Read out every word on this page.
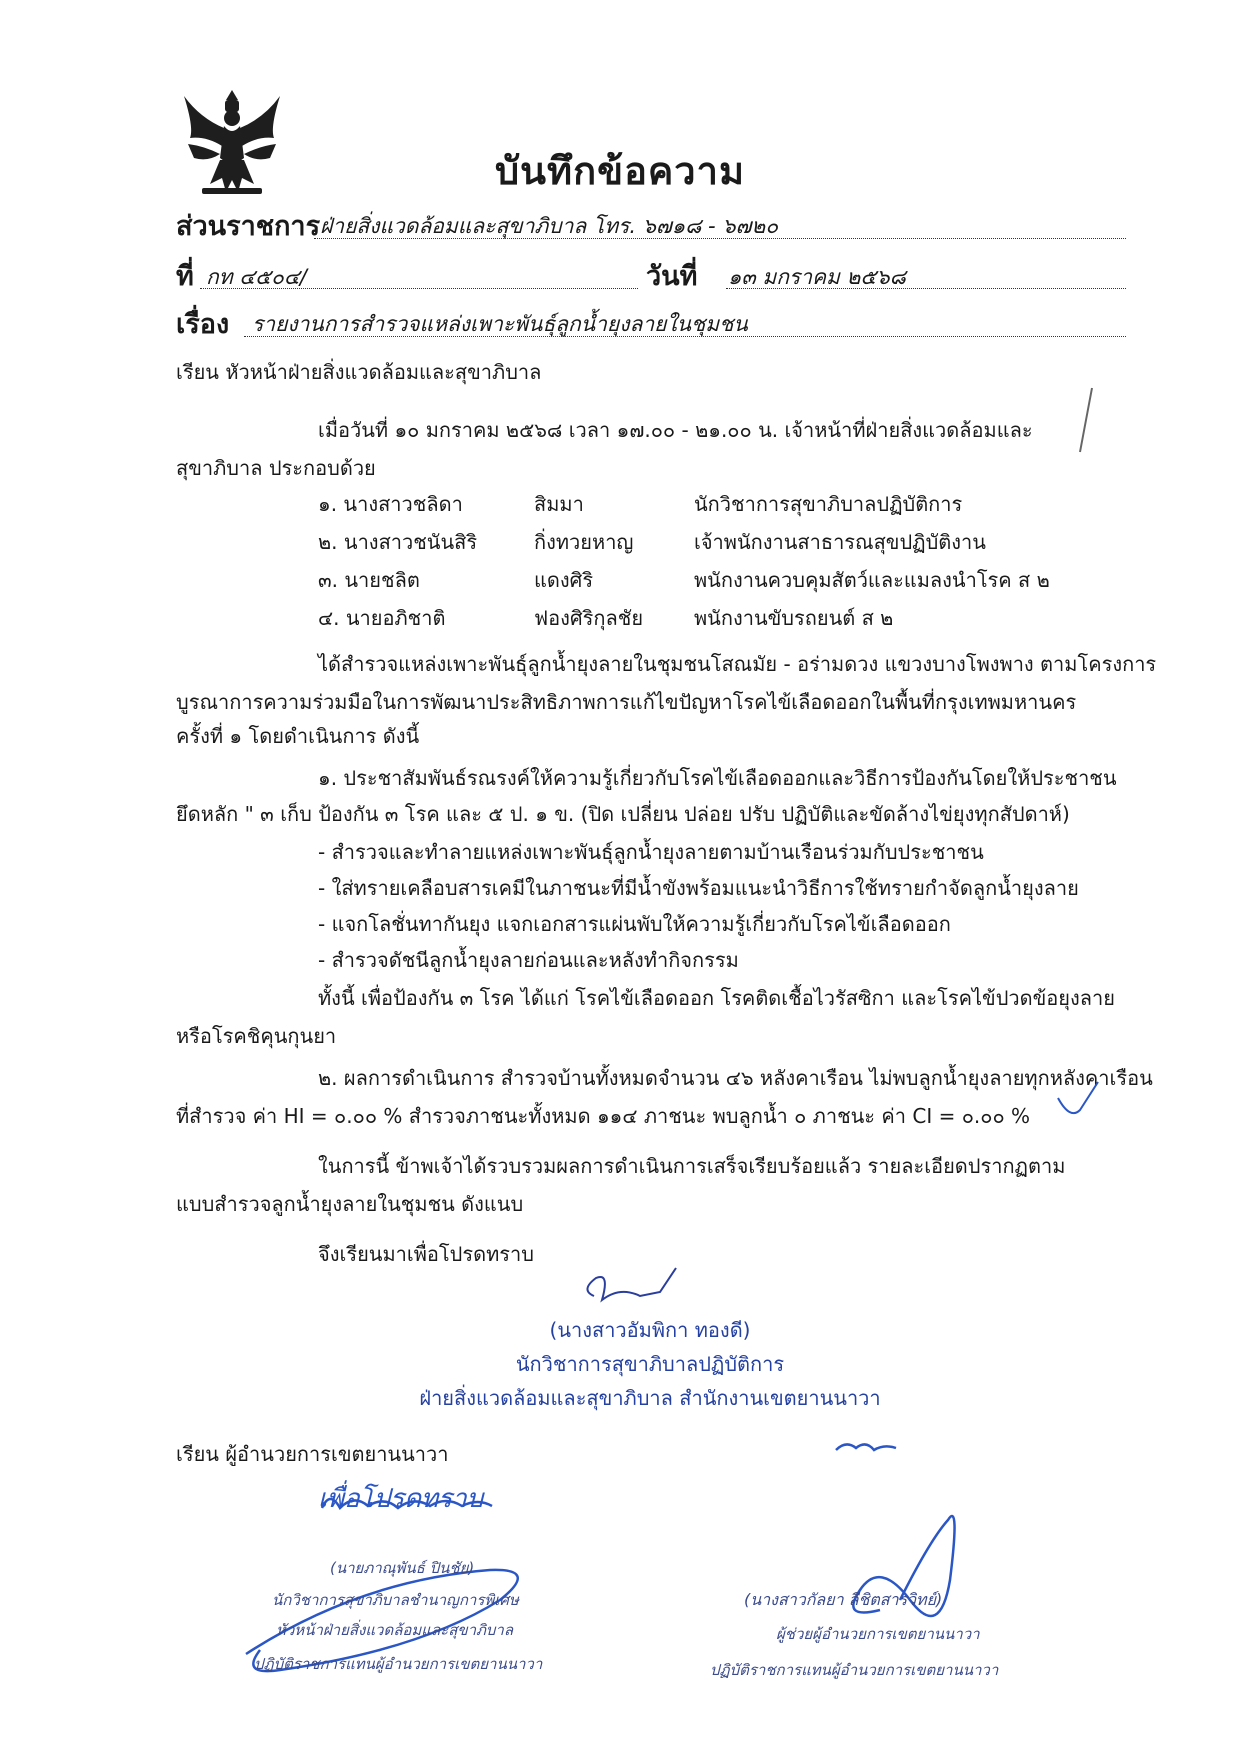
บันทึกข้อความ
ส่วนราชการ ฝ่ายสิ่งแวดล้อมและสุขาภิบาล โทร. ๖๗๑๘ - ๖๗๒๐
ที่ กท ๔๕๐๔/	วันที่ ๑๓ มกราคม ๒๕๖๘
เรื่อง รายงานการสำรวจแหล่งเพาะพันธุ์ลูกน้ำยุงลายในชุมชน
เรียน หัวหน้าฝ่ายสิ่งแวดล้อมและสุขาภิบาล
เมื่อวันที่ ๑๐ มกราคม ๒๕๖๘ เวลา ๑๗.๐๐ - ๒๑.๐๐ น. เจ้าหน้าที่ฝ่ายสิ่งแวดล้อมและ
สุขาภิบาล ประกอบด้วย
๑. นางสาวชลิดา	สิมมา	นักวิชาการสุขาภิบาลปฏิบัติการ
๒. นางสาวชนันสิริ	กิ่งทวยหาญ	เจ้าพนักงานสาธารณสุขปฏิบัติงาน
๓. นายชลิต	แดงศิริ	พนักงานควบคุมสัตว์และแมลงนำโรค ส ๒
๔. นายอภิชาติ	ฟองศิริกุลชัย	พนักงานขับรถยนต์ ส ๒
ได้สำรวจแหล่งเพาะพันธุ์ลูกน้ำยุงลายในชุมชนโสณมัย - อร่ามดวง แขวงบางโพงพาง ตามโครงการ
บูรณาการความร่วมมือในการพัฒนาประสิทธิภาพการแก้ไขปัญหาโรคไข้เลือดออกในพื้นที่กรุงเทพมหานคร
ครั้งที่ ๑ โดยดำเนินการ ดังนี้
๑. ประชาสัมพันธ์รณรงค์ให้ความรู้เกี่ยวกับโรคไข้เลือดออกและวิธีการป้องกันโดยให้ประชาชน
ยึดหลัก " ๓ เก็บ ป้องกัน ๓ โรค และ ๕ ป. ๑ ข. (ปิด เปลี่ยน ปล่อย ปรับ ปฏิบัติและขัดล้างไข่ยุงทุกสัปดาห์)
- สำรวจและทำลายแหล่งเพาะพันธุ์ลูกน้ำยุงลายตามบ้านเรือนร่วมกับประชาชน
- ใส่ทรายเคลือบสารเคมีในภาชนะที่มีน้ำขังพร้อมแนะนำวิธีการใช้ทรายกำจัดลูกน้ำยุงลาย
- แจกโลชั่นทากันยุง แจกเอกสารแผ่นพับให้ความรู้เกี่ยวกับโรคไข้เลือดออก
- สำรวจดัชนีลูกน้ำยุงลายก่อนและหลังทำกิจกรรม
ทั้งนี้ เพื่อป้องกัน ๓ โรค ได้แก่ โรคไข้เลือดออก โรคติดเชื้อไวรัสซิกา และโรคไข้ปวดข้อยุงลาย
หรือโรคชิคุนกุนยา
๒. ผลการดำเนินการ สำรวจบ้านทั้งหมดจำนวน ๔๖ หลังคาเรือน ไม่พบลูกน้ำยุงลายทุกหลังคาเรือน
ที่สำรวจ ค่า HI = ๐.๐๐ % สำรวจภาชนะทั้งหมด ๑๑๔ ภาชนะ พบลูกน้ำ ๐ ภาชนะ ค่า CI = ๐.๐๐ %
ในการนี้ ข้าพเจ้าได้รวบรวมผลการดำเนินการเสร็จเรียบร้อยแล้ว รายละเอียดปรากฏตาม
แบบสำรวจลูกน้ำยุงลายในชุมชน ดังแนบ
จึงเรียนมาเพื่อโปรดทราบ
(นางสาวอัมพิกา ทองดี)
นักวิชาการสุขาภิบาลปฏิบัติการ
ฝ่ายสิ่งแวดล้อมและสุขาภิบาล สำนักงานเขตยานนาวา
เรียน ผู้อำนวยการเขตยานนาวา
เพื่อโปรดทราบ
(นายภาณุพันธ์ ปินชัย)
นักวิชาการสุขาภิบาลชำนาญการพิเศษ
หัวหน้าฝ่ายสิ่งแวดล้อมและสุขาภิบาล
ปฏิบัติราชการแทนผู้อำนวยการเขตยานนาวา
(นางสาวกัลยา ลีชิตสารวิทย์)
ผู้ช่วยผู้อำนวยการเขตยานนาวา
ปฏิบัติราชการแทนผู้อำนวยการเขตยานนาวา
